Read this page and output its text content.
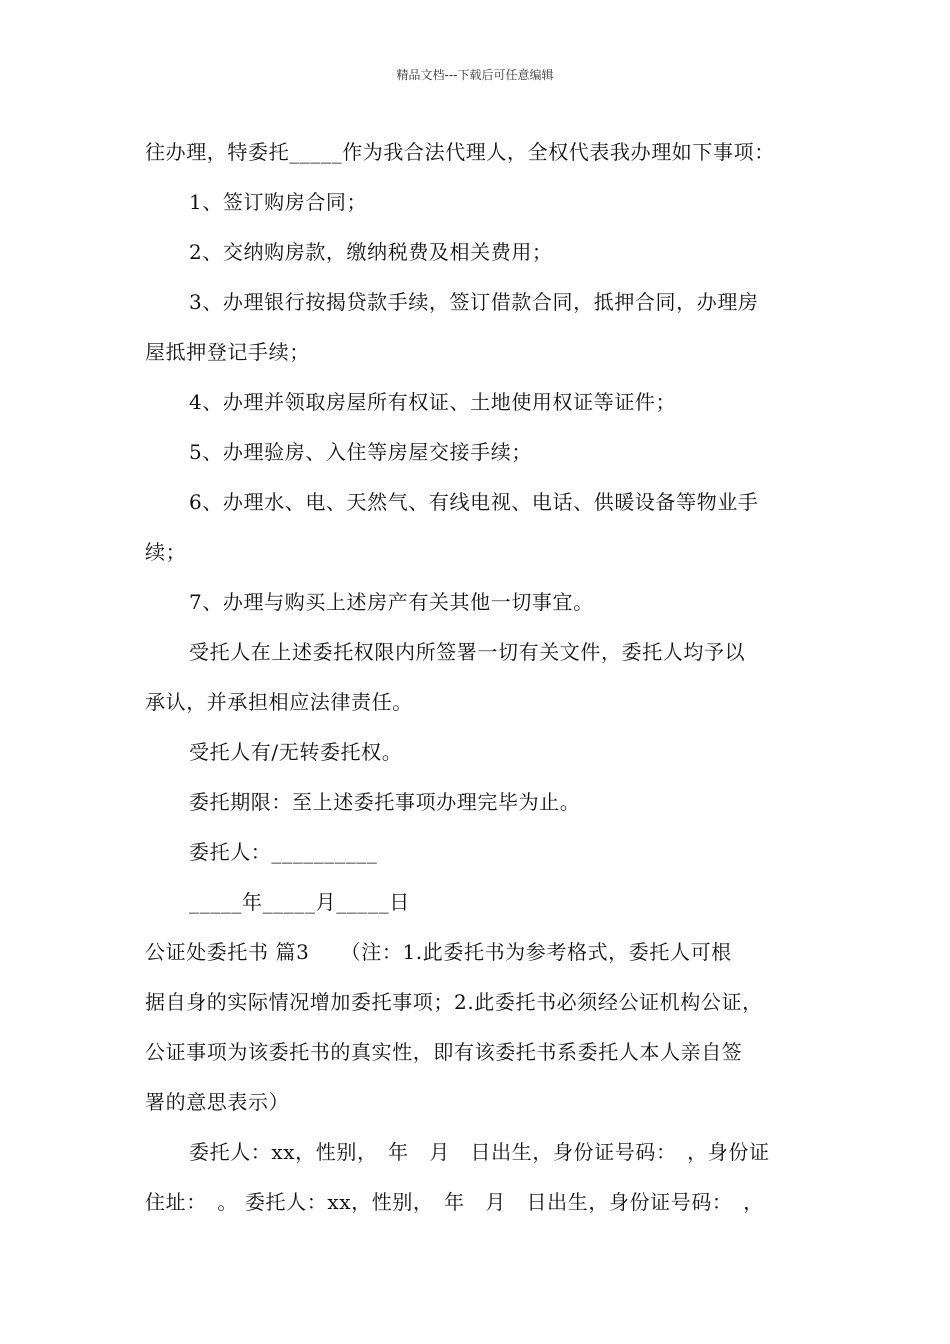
精品文档---下载后可任意编辑

往办理，特委托_____作为我合法代理人，全权代表我办理如下事项：

1、签订购房合同；

2、交纳购房款，缴纳税费及相关费用；

3、办理银行按揭贷款手续，签订借款合同，抵押合同，办理房

屋抵押登记手续；

4、办理并领取房屋所有权证、土地使用权证等证件；

5、办理验房、入住等房屋交接手续；

6、办理水、电、天然气、有线电视、电话、供暖设备等物业手

续；

7、办理与购买上述房产有关其他一切事宜。

受托人在上述委托权限内所签署一切有关文件，委托人均予以

承认，并承担相应法律责任。

受托人有/无转委托权。

委托期限：至上述委托事项办理完毕为止。

委托人：__________

_____年_____月_____日

公证处委托书 篇3　　（注：1.此委托书为参考格式，委托人可根

据自身的实际情况增加委托事项；2.此委托书必须经公证机构公证，

公证事项为该委托书的真实性，即有该委托书系委托人本人亲自签

署的意思表示）

委托人：xx，性别，　年　月　日出生，身份证号码：　，身份证

住址：　。 委托人：xx，性别，　年　月　日出生，身份证号码：　，
